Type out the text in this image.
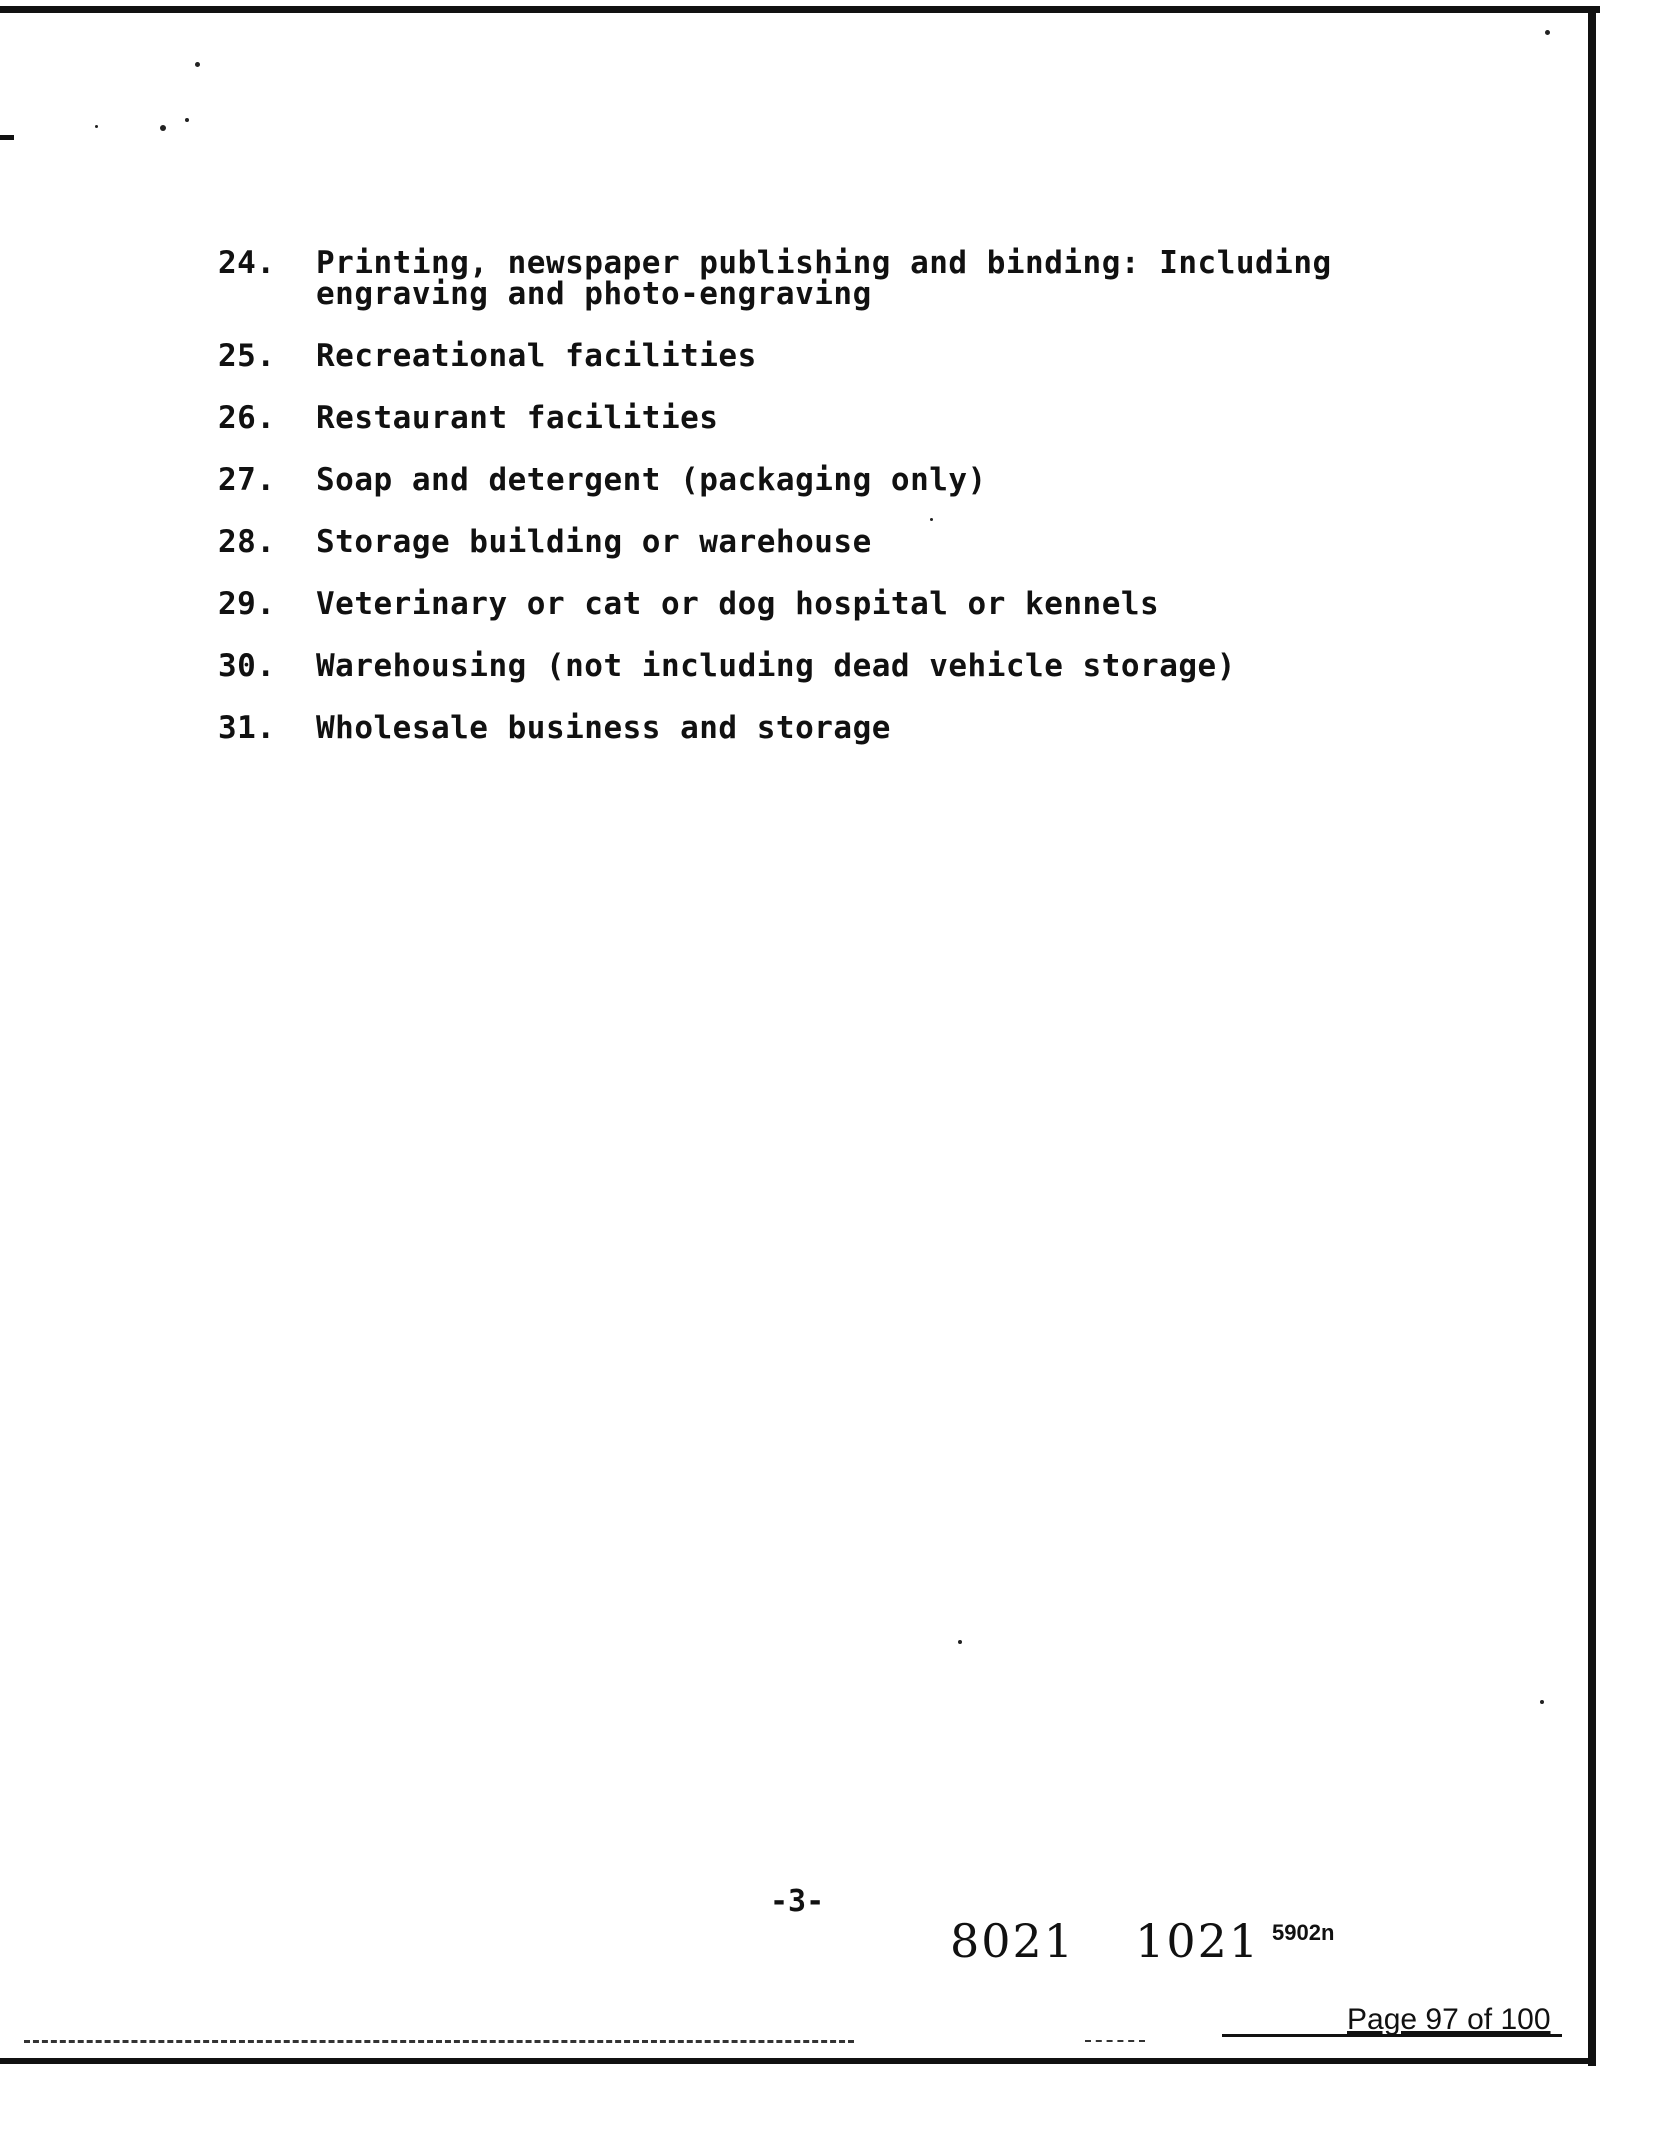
24.	Printing, newspaper publishing and binding: Including
engraving and photo-engraving
25.	Recreational facilities
26.	Restaurant facilities
27.	Soap and detergent (packaging only)
28.	Storage building or warehouse
29.	Veterinary or cat or dog hospital or kennels
30.	Warehousing (not including dead vehicle storage)
31.	Wholesale business and storage
-3-
8021 1021 5902n
Page 97 of 100
